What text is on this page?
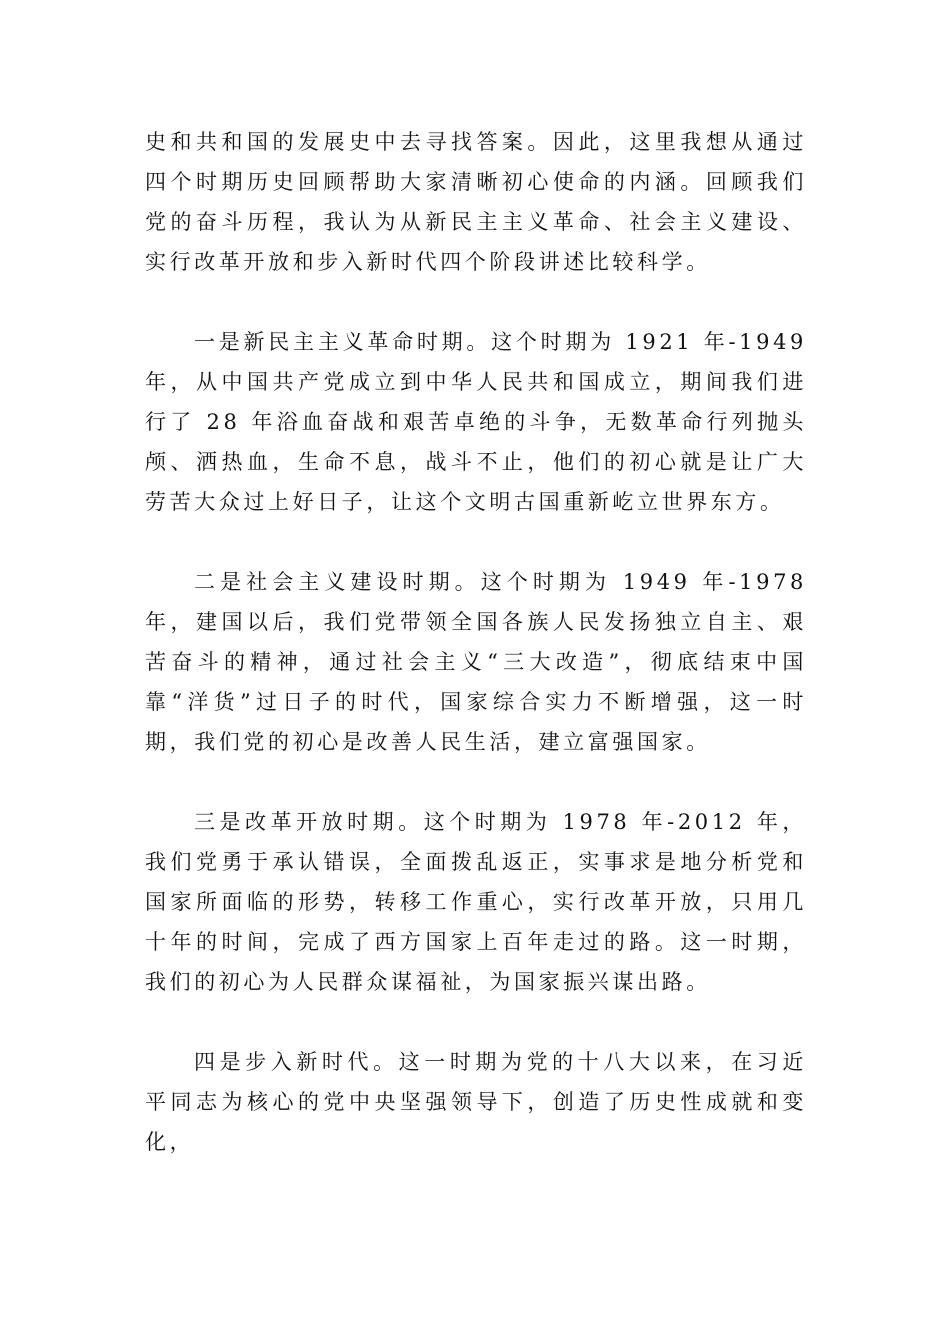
史和共和国的发展史中去寻找答案。因此，这里我想从通过四个时期历史回顾帮助大家清晰初心使命的内涵。回顾我们党的奋斗历程，我认为从新民主主义革命、社会主义建设、实行改革开放和步入新时代四个阶段讲述比较科学。

一是新民主主义革命时期。这个时期为 1921 年-1949 年，从中国共产党成立到中华人民共和国成立，期间我们进行了 28 年浴血奋战和艰苦卓绝的斗争，无数革命行列抛头颅、洒热血，生命不息，战斗不止，他们的初心就是让广大劳苦大众过上好日子，让这个文明古国重新屹立世界东方。

二是社会主义建设时期。这个时期为 1949 年-1978 年，建国以后，我们党带领全国各族人民发扬独立自主、艰苦奋斗的精神，通过社会主义“三大改造”，彻底结束中国靠“洋货”过日子的时代，国家综合实力不断增强，这一时期，我们党的初心是改善人民生活，建立富强国家。

三是改革开放时期。这个时期为 1978 年-2012 年，我们党勇于承认错误，全面拨乱返正，实事求是地分析党和国家所面临的形势，转移工作重心，实行改革开放，只用几十年的时间，完成了西方国家上百年走过的路。这一时期，我们的初心为人民群众谋福祉，为国家振兴谋出路。

四是步入新时代。这一时期为党的十八大以来，在习近平同志为核心的党中央坚强领导下，创造了历史性成就和变化，
